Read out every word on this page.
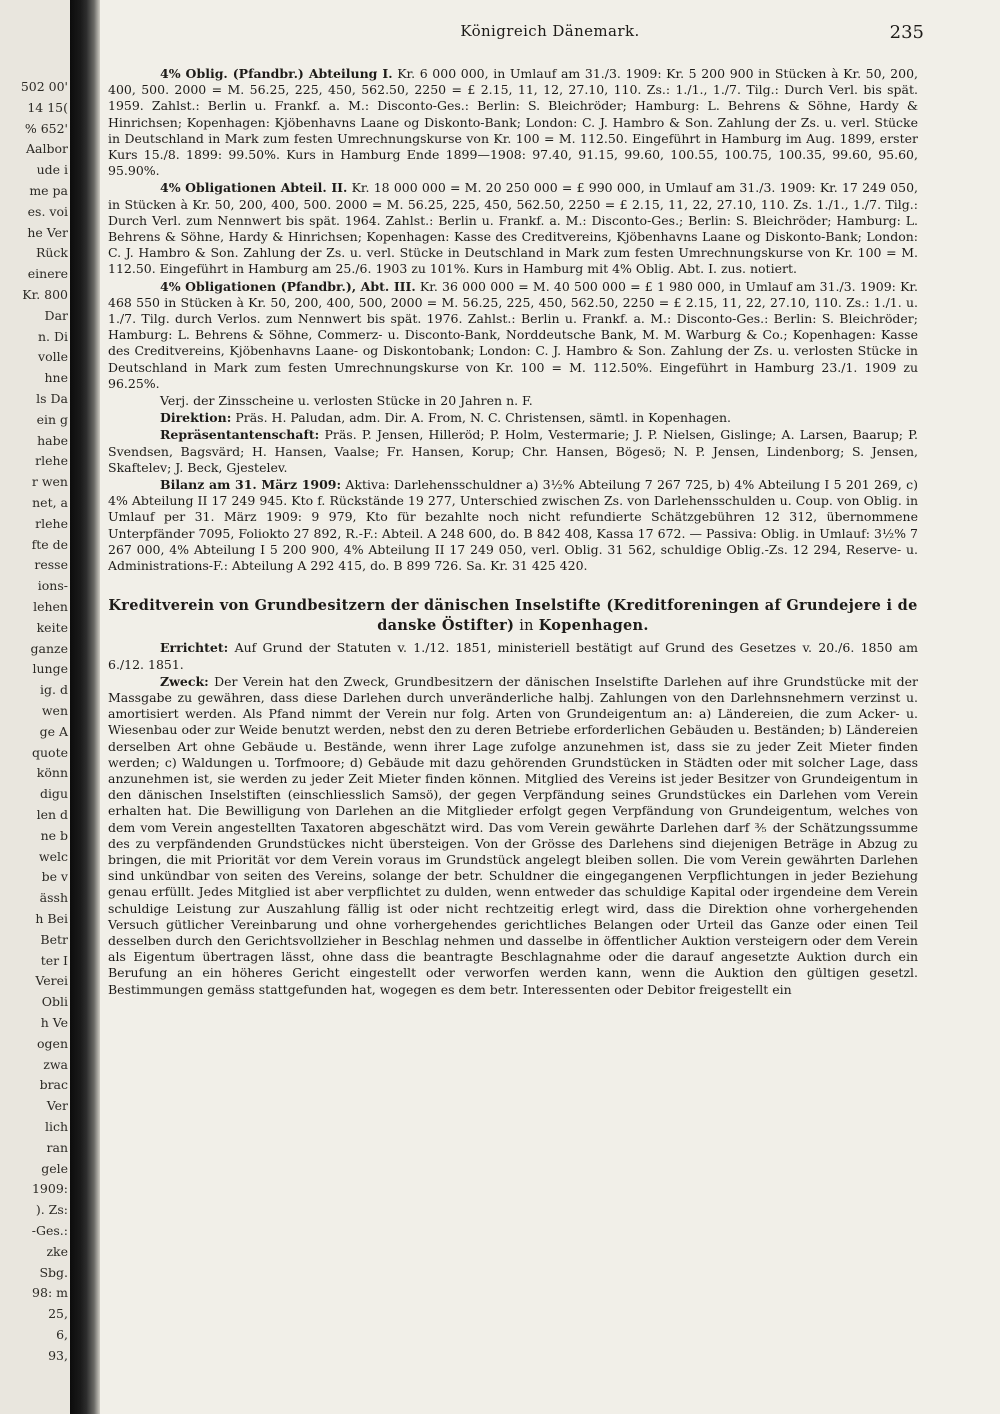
502 00'
14 15(
% 652'
Aalbor
ude i
me pa
es. voi
he Ver
Rück
einere
Kr. 800
Dar
n. Di
volle
hne
ls Da
ein g
habe
rlehe
r wen
net, a
rlehe
fte de
resse
ions-
lehen
keite
ganze
lunge
ig. d
wen
ge A
quote
könn
digu
len d
ne b
welc
be v
ässh
h Bei
Betr
ter I
Verei
Obli
h Ve
ogen
zwa
brac
Ver
lich
ran
gele
1909:
). Zs:
-Ges.:
zke
Sbg.
98: m
25,
6,
93,
Königreich Dänemark.	235

4% Oblig. (Pfandbr.) Abteilung I. Kr. 6 000 000, in Umlauf am 31./3. 1909: Kr. 5 200 900 in Stücken à Kr. 50, 200, 400, 500. 2000 = M. 56.25, 225, 450, 562.50, 2250 = £ 2.15, 11, 12, 27.10, 110. Zs.: 1./1., 1./7. Tilg.: Durch Verl. bis spät. 1959. Zahlst.: Berlin u. Frankf. a. M.: Disconto-Ges.: Berlin: S. Bleichröder; Hamburg: L. Behrens & Söhne, Hardy & Hinrichsen; Kopenhagen: Kjöbenhavns Laane og Diskonto-Bank; London: C. J. Hambro & Son. Zahlung der Zs. u. verl. Stücke in Deutschland in Mark zum festen Umrechnungskurse von Kr. 100 = M. 112.50. Eingeführt in Hamburg im Aug. 1899, erster Kurs 15./8. 1899: 99.50%. Kurs in Hamburg Ende 1899—1908: 97.40, 91.15, 99.60, 100.55, 100.75, 100.35, 99.60, 95.60, 95.90%.

4% Obligationen Abteil. II. Kr. 18 000 000 = M. 20 250 000 = £ 990 000, in Umlauf am 31./3. 1909: Kr. 17 249 050, in Stücken à Kr. 50, 200, 400, 500. 2000 = M. 56.25, 225, 450, 562.50, 2250 = £ 2.15, 11, 22, 27.10, 110. Zs. 1./1., 1./7. Tilg.: Durch Verl. zum Nennwert bis spät. 1964. Zahlst.: Berlin u. Frankf. a. M.: Disconto-Ges.; Berlin: S. Bleichröder; Hamburg: L. Behrens & Söhne, Hardy & Hinrichsen; Kopenhagen: Kasse des Creditvereins, Kjöbenhavns Laane og Diskonto-Bank; London: C. J. Hambro & Son. Zahlung der Zs. u. verl. Stücke in Deutschland in Mark zum festen Umrechnungskurse von Kr. 100 = M. 112.50. Eingeführt in Hamburg am 25./6. 1903 zu 101%. Kurs in Hamburg mit 4% Oblig. Abt. I. zus. notiert.

4% Obligationen (Pfandbr.), Abt. III. Kr. 36 000 000 = M. 40 500 000 = £ 1 980 000, in Umlauf am 31./3. 1909: Kr. 468 550 in Stücken à Kr. 50, 200, 400, 500, 2000 = M. 56.25, 225, 450, 562.50, 2250 = £ 2.15, 11, 22, 27.10, 110. Zs.: 1./1. u. 1./7. Tilg. durch Verlos. zum Nennwert bis spät. 1976. Zahlst.: Berlin u. Frankf. a. M.: Disconto-Ges.: Berlin: S. Bleichröder; Hamburg: L. Behrens & Söhne, Commerz- u. Disconto-Bank, Norddeutsche Bank, M. M. Warburg & Co.; Kopenhagen: Kasse des Creditvereins, Kjöbenhavns Laane- og Diskontobank; London: C. J. Hambro & Son. Zahlung der Zs. u. verlosten Stücke in Deutschland in Mark zum festen Umrechnungskurse von Kr. 100 = M. 112.50%. Eingeführt in Hamburg 23./1. 1909 zu 96.25%.

Verj. der Zinsscheine u. verlosten Stücke in 20 Jahren n. F.

Direktion: Präs. H. Paludan, adm. Dir. A. From, N. C. Christensen, sämtl. in Kopenhagen.

Repräsentantenschaft: Präs. P. Jensen, Hilleröd; P. Holm, Vestermarie; J. P. Nielsen, Gislinge; A. Larsen, Baarup; P. Svendsen, Bagsvärd; H. Hansen, Vaalse; Fr. Hansen, Korup; Chr. Hansen, Bögesö; N. P. Jensen, Lindenborg; S. Jensen, Skaftelev; J. Beck, Gjestelev.

Bilanz am 31. März 1909: Aktiva: Darlehensschuldner a) 3½% Abteilung 7 267 725, b) 4% Abteilung I 5 201 269, c) 4% Abteilung II 17 249 945. Kto f. Rückstände 19 277, Unterschied zwischen Zs. von Darlehensschulden u. Coup. von Oblig. in Umlauf per 31. März 1909: 9 979, Kto für bezahlte noch nicht refundierte Schätzgebühren 12 312, übernommene Unterpfänder 7095, Foliokto 27 892, R.-F.: Abteil. A 248 600, do. B 842 408, Kassa 17 672. — Passiva: Oblig. in Umlauf: 3½% 7 267 000, 4% Abteilung I 5 200 900, 4% Abteilung II 17 249 050, verl. Oblig. 31 562, schuldige Oblig.-Zs. 12 294, Reserve- u. Administrations-F.: Abteilung A 292 415, do. B 899 726. Sa. Kr. 31 425 420.

Kreditverein von Grundbesitzern der dänischen Inselstifte (Kreditforeningen af Grundejere i de danske Östifter) in Kopenhagen.

Errichtet: Auf Grund der Statuten v. 1./12. 1851, ministeriell bestätigt auf Grund des Gesetzes v. 20./6. 1850 am 6./12. 1851.

Zweck: Der Verein hat den Zweck, Grundbesitzern der dänischen Inselstifte Darlehen auf ihre Grundstücke mit der Massgabe zu gewähren, dass diese Darlehen durch unveränderliche halbj. Zahlungen von den Darlehnsnehmern verzinst u. amortisiert werden. Als Pfand nimmt der Verein nur folg. Arten von Grundeigentum an: a) Ländereien, die zum Acker- u. Wiesenbau oder zur Weide benutzt werden, nebst den zu deren Betriebe erforderlichen Gebäuden u. Beständen; b) Ländereien derselben Art ohne Gebäude u. Bestände, wenn ihrer Lage zufolge anzunehmen ist, dass sie zu jeder Zeit Mieter finden werden; c) Waldungen u. Torfmoore; d) Gebäude mit dazu gehörenden Grundstücken in Städten oder mit solcher Lage, dass anzunehmen ist, sie werden zu jeder Zeit Mieter finden können. Mitglied des Vereins ist jeder Besitzer von Grundeigentum in den dänischen Inselstiften (einschliesslich Samsö), der gegen Verpfändung seines Grundstückes ein Darlehen vom Verein erhalten hat. Die Bewilligung von Darlehen an die Mitglieder erfolgt gegen Verpfändung von Grundeigentum, welches von dem vom Verein angestellten Taxatoren abgeschätzt wird. Das vom Verein gewährte Darlehen darf ⅗ der Schätzungssumme des zu verpfändenden Grundstückes nicht übersteigen. Von der Grösse des Darlehens sind diejenigen Beträge in Abzug zu bringen, die mit Priorität vor dem Verein voraus im Grundstück angelegt bleiben sollen. Die vom Verein gewährten Darlehen sind unkündbar von seiten des Vereins, solange der betr. Schuldner die eingegangenen Verpflichtungen in jeder Beziehung genau erfüllt. Jedes Mitglied ist aber verpflichtet zu dulden, wenn entweder das schuldige Kapital oder irgendeine dem Verein schuldige Leistung zur Auszahlung fällig ist oder nicht rechtzeitig erlegt wird, dass die Direktion ohne vorhergehenden Versuch gütlicher Vereinbarung und ohne vorhergehendes gerichtliches Belangen oder Urteil das Ganze oder einen Teil desselben durch den Gerichtsvollzieher in Beschlag nehmen und dasselbe in öffentlicher Auktion versteigern oder dem Verein als Eigentum übertragen lässt, ohne dass die beantragte Beschlagnahme oder die darauf angesetzte Auktion durch ein Berufung an ein höheres Gericht eingestellt oder verworfen werden kann, wenn die Auktion den gültigen gesetzl. Bestimmungen gemäss stattgefunden hat, wogegen es dem betr. Interessenten oder Debitor freigestellt ein
